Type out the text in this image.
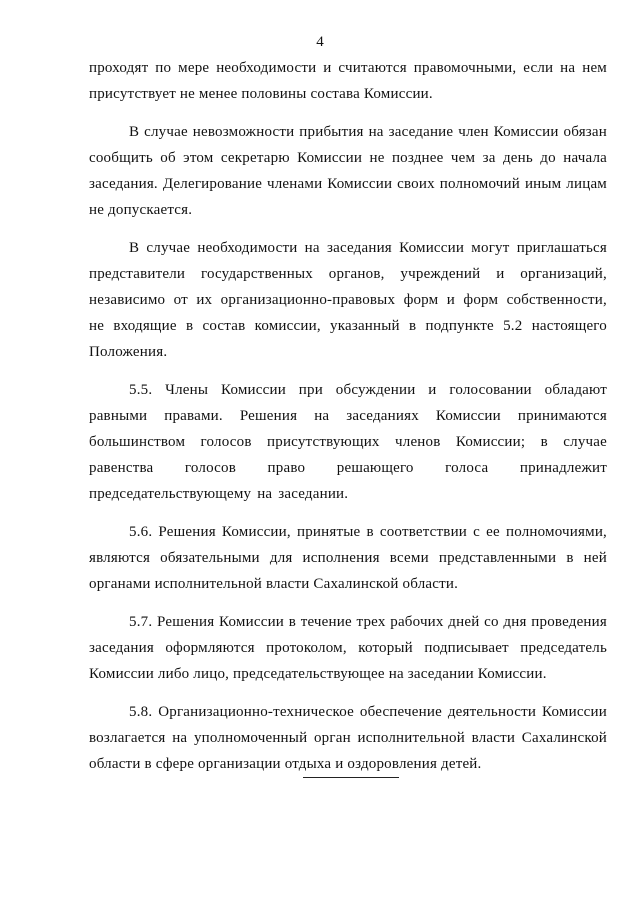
4

проходят по мере необходимости и считаются правомочными, если на нем присутствует не менее половины состава Комиссии.

В случае невозможности прибытия на заседание член Комиссии обязан сообщить об этом секретарю Комиссии не позднее чем за день до начала заседания. Делегирование членами Комиссии своих полномочий иным лицам не допускается.

В случае необходимости на заседания Комиссии могут приглашаться представители государственных органов, учреждений и организаций, независимо от их организационно-правовых форм и форм собственности, не входящие в состав комиссии, указанный в подпункте 5.2 настоящего Положения.

5.5. Члены Комиссии при обсуждении и голосовании обладают равными правами. Решения на заседаниях Комиссии принимаются большинством голосов присутствующих членов Комиссии; в случае равенства голосов право решающего голоса принадлежит председательствующему на заседании.

5.6. Решения Комиссии, принятые в соответствии с ее полномочиями, являются обязательными для исполнения всеми представленными в ней органами исполнительной власти Сахалинской области.

5.7. Решения Комиссии в течение трех рабочих дней со дня проведения заседания оформляются протоколом, который подписывает председатель Комиссии либо лицо, председательствующее на заседании Комиссии.

5.8. Организационно-техническое обеспечение деятельности Комиссии возлагается на уполномоченный орган исполнительной власти Сахалинской области в сфере организации отдыха и оздоровления детей.
